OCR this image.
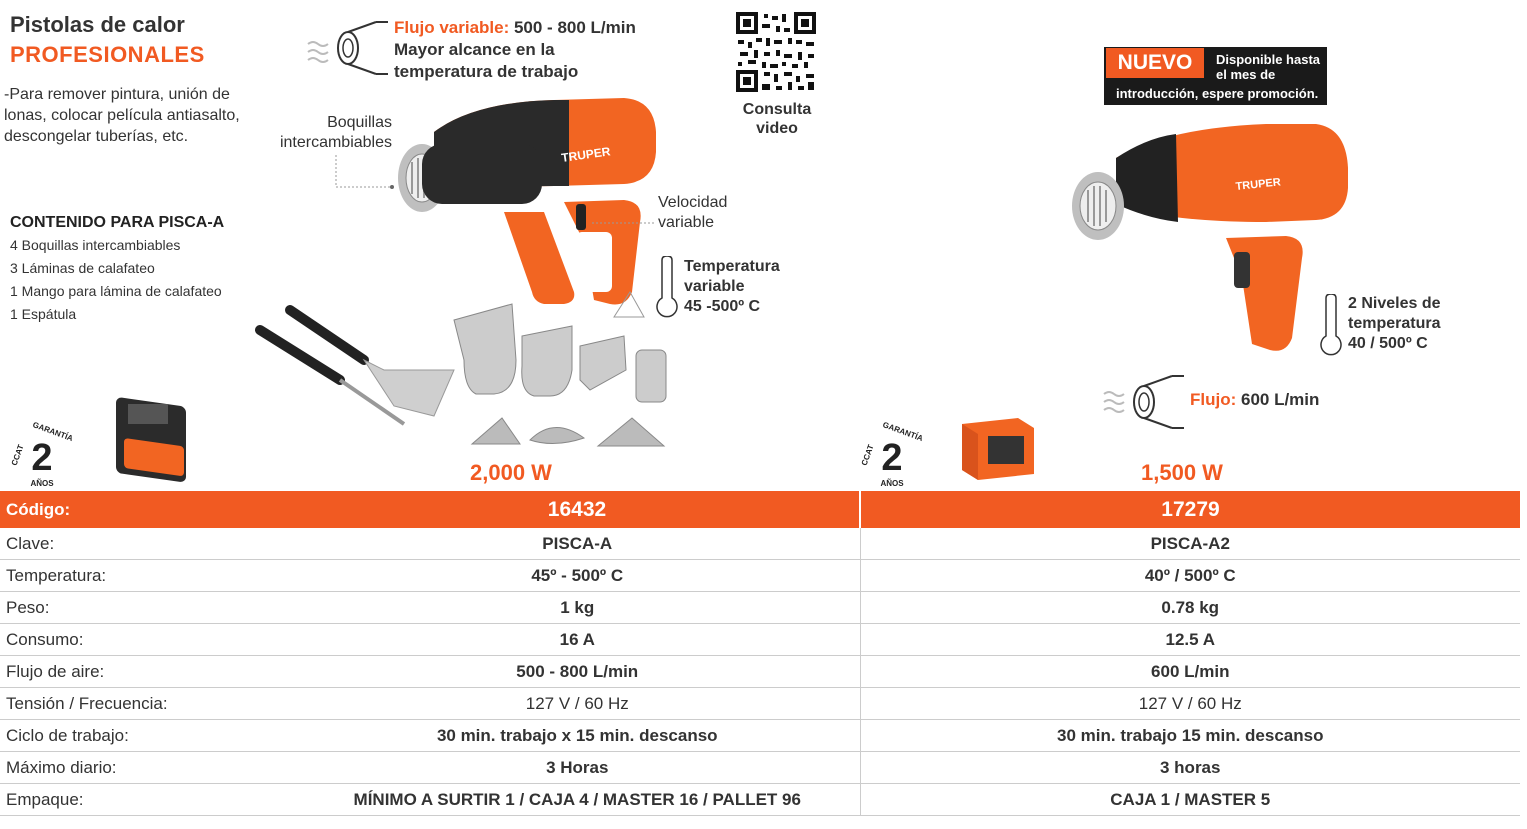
Pistolas de calor
PROFESIONALES
-Para remover pintura, unión de lonas, colocar película antiasalto, descongelar tuberías, etc.
CONTENIDO PARA PISCA-A
4 Boquillas intercambiables
3 Láminas de calafateo
1 Mango para lámina de calafateo
1 Espátula
Flujo variable: 500 - 800 L/min
Mayor alcance en la
temperatura de trabajo
Consulta
video
Boquillas
intercambiables
TRUPER
Velocidad
variable
Temperatura
variable
45 -500º C
2
GARANTÍA
CCAT
AÑOS	2,000 W
Disponible hasta el mes de
introducción, espere promoción.
NUEVO
TRUPER
2 Niveles de
temperatura
40 / 500º C
Flujo: 600 L/min
2
GARANTÍA
CCAT
AÑOS	1,500 W
Código:	16432	17279
Clave:	PISCA-A	PISCA-A2
Temperatura:	45º - 500º C	40º / 500º C
Peso:	1 kg	0.78 kg
Consumo:	16 A	12.5 A
Flujo de aire:	500 - 800 L/min	600 L/min
Tensión / Frecuencia:	127 V / 60 Hz	127 V / 60 Hz
Ciclo de trabajo:	30 min. trabajo x 15 min. descanso	30 min. trabajo 15 min. descanso
Máximo diario:	3 Horas	3 horas
Empaque:	MÍNIMO A SURTIR 1 / CAJA 4 / MASTER 16 / PALLET 96	CAJA 1 / MASTER 5
